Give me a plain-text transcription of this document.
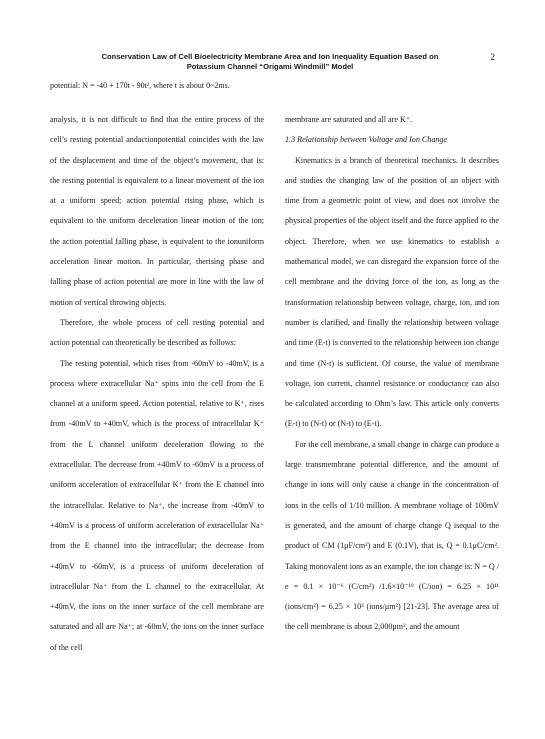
Conservation Law of Cell Bioelectricity Membrane Area and Ion Inequality Equation Based on
Potassium Channel “Origami Windmill” Model
2
potential: N = -40 + 170t - 90t², where t is about 0~2ms.

analysis, it is not difficult to find that the entire process of the cell’s resting potential andactionpotential coincides with the law of the displacement and time of the object’s movement, that is: the resting potential is equivalent to a linear movement of the ion at a uniform speed; action potential rising phase, which is equivalent to the uniform deceleration linear motion of the ion; the action potential falling phase, is equivalent to the ionuniform acceleration linear motion. In particular, therising phase and falling phase of action potential are more in line with the law of motion of vertical throwing objects.

Therefore, the whole process of cell resting potential and action potential can theoretically be described as follows:

The resting potential, which rises from -60mV to -40mV, is a process where extracellular Na⁺ spins into the cell from the E channel at a uniform speed. Action potential, relative to K⁺, rises from -40mV to +40mV, which is the process of intracellular K⁺ from the L channel uniform deceleration flowing to the extracellular. The decrease from +40mV to -60mV is a process of uniform acceleration of extracellular K⁺ from the E channel into the intracellular. Relative to Na⁺, the increase from -40mV to +40mV is a process of uniform acceleration of extracellular Na⁺ from the E channel into the intracellular; the decrease from +40mV to -60mV, is a process of uniform deceleration of intracellular Na⁺ from the L channel to the extracellular. At +40mV, the ions on the inner surface of the cell membrane are saturated and all are Na⁺; at -60mV, the ions on the inner surface of the cell

membrane are saturated and all are K⁺.

1.3 Relationship between Voltage and Ion Change

Kinematics is a branch of theoretical mechanics. It describes and studies the changing law of the position of an object with time from a geometric point of view, and does not involve the physical properties of the object itself and the force applied to the object. Therefore, when we use kinematics to establish a mathematical model, we can disregard the expansion force of the cell membrane and the driving force of the ion, as long as the transformation relationship between voltage, charge, ion, and ion number is clarified, and finally the relationship between voltage and time (E-t) is converted to the relationship between ion change and time (N-t) is sufficient. Of course, the value of membrane voltage, ion current, channel resistance or conductance can also be calculated according to Ohm’s law. This article only converts (E-t) to (N-t) or (N-t) to (E-t).

For the cell membrane, a small change in charge can produce a large transmembrane potential difference, and the amount of change in ions will only cause a change in the concentration of ions in the cells of 1/10 million. A membrane voltage of 100mV is generated, and the amount of charge change Q isequal to the product of CM (1μF/cm²) and E (0.1V), that is, Q = 0.1μC/cm². Taking monovalent ions as an example, the ion change is: N = Q / e = 0.1 × 10⁻⁶ (C/cm²) /1.6×10⁻¹⁹ (C/ion) = 6.25 × 10¹¹ (ions/cm²) = 6.25 × 10³ (ions/μm²) [21-23]. The average area of the cell membrane is about 2,000μm², and the amount
